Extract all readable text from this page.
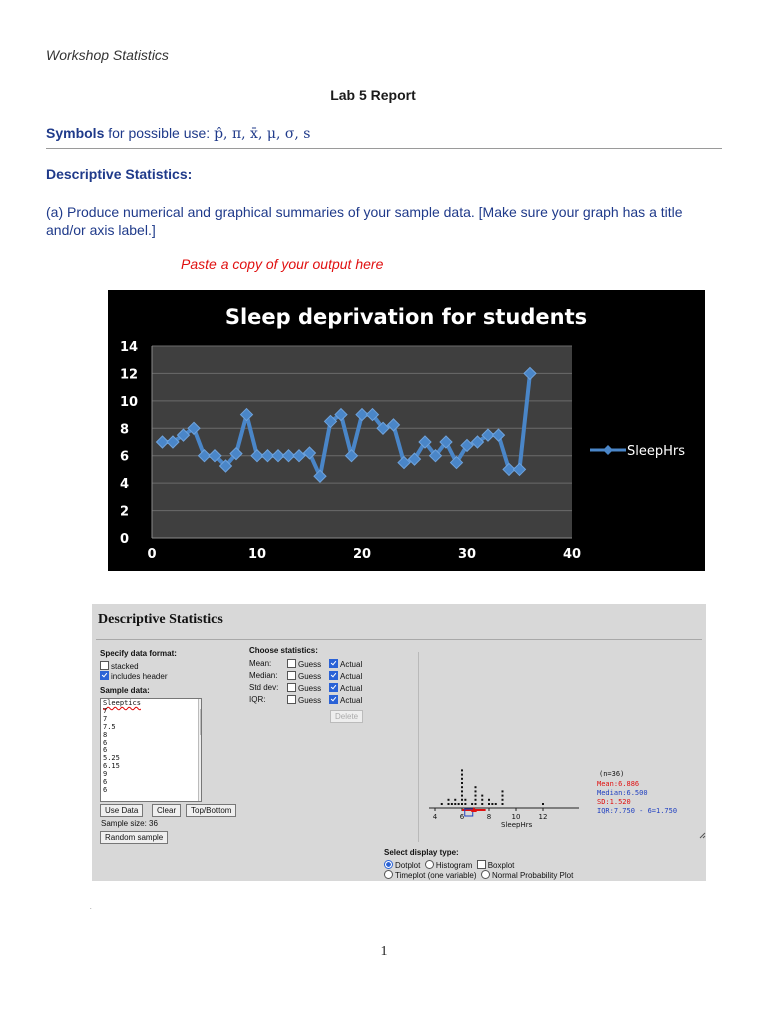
Workshop Statistics
Lab 5 Report
Symbols for possible use: p̂, π, x̄, μ, σ, s
Descriptive Statistics:
(a) Produce numerical and graphical summaries of your sample data. [Make sure your graph has a title and/or axis label.]
Paste a copy of your output here
Sleep deprivation for students
0
2
4
6
8
10
12
14
0	10	20	30	40
SleepHrs
Descriptive Statistics
Specify data format:
stacked
includes header
Sample data:
Sleeptics
7
7
7.5
8
6
6
5.25
6.15
9
6
6
Use Data	Clear	Top/Bottom
Sample size: 36
Random sample
Choose statistics:
Mean:	Guess	Actual
Median:	Guess	Actual
Std dev:	Guess	Actual
IQR:	Guess	Actual
Delete
4	6	8	10	12
SleepHrs
(n=36)
Mean:6.886
Median:6.500
SD:1.520
IQR:7.750 - 6=1.750
Select display type:
Dotplot Histogram Boxplot
Timeplot (one variable) Normal Probability Plot
.
1
